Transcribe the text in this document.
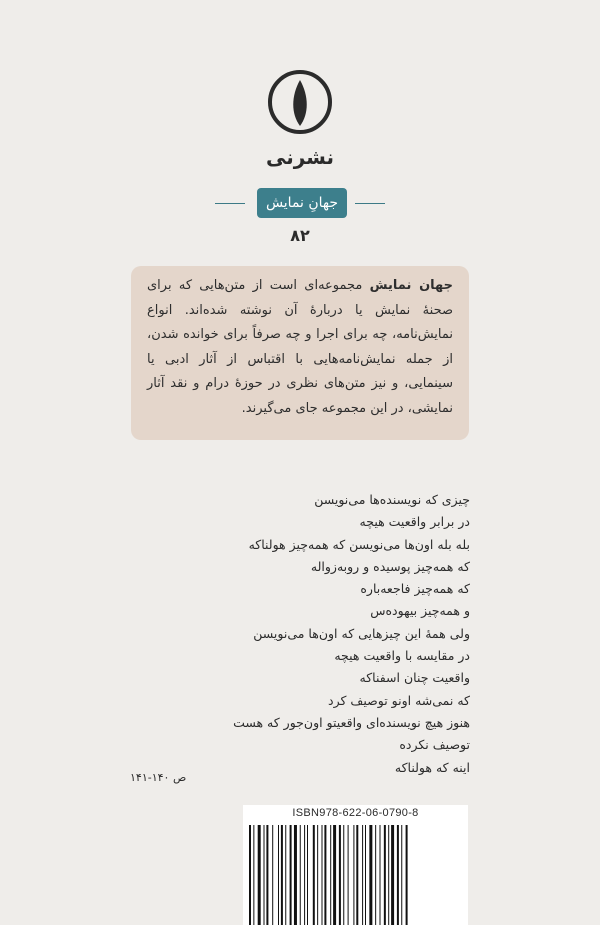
نشرنی
جهانِ نمایش
۸۲
جهان نمایش مجموعه‌ای است از متن‌هایی که برای صحنهٔ نمایش یا دربارهٔ آن نوشته شده‌اند. انواع نمایش‌نامه، چه برای اجرا و چه صرفاً برای خوانده شدن، از جمله نمایش‌نامه‌هایی با اقتباس از آثار ادبی یا سینمایی، و نیز متن‌های نظری در حوزهٔ درام و نقد آثار نمایشی، در این مجموعه جای می‌گیرند.
چیزی که نویسنده‌ها می‌نویسن
در برابر واقعیت هیچه
بله بله اون‌ها می‌نویسن که همه‌چیز هولناکه
که همه‌چیز پوسیده و روبه‌زواله
که همه‌چیز فاجعه‌باره
و همه‌چیز بیهوده‌س
ولی همهٔ این چیزهایی که اون‌ها می‌نویسن
در مقایسه با واقعیت هیچه
واقعیت چنان اسفناکه
که نمی‌شه اونو توصیف کرد
هنوز هیچ نویسنده‌ای واقعیتو اون‌جور که هست
توصیف نکرده
اینه که هولناکه
ص ۱۴۰-۱۴۱
ISBN978-622-06-0790-8
